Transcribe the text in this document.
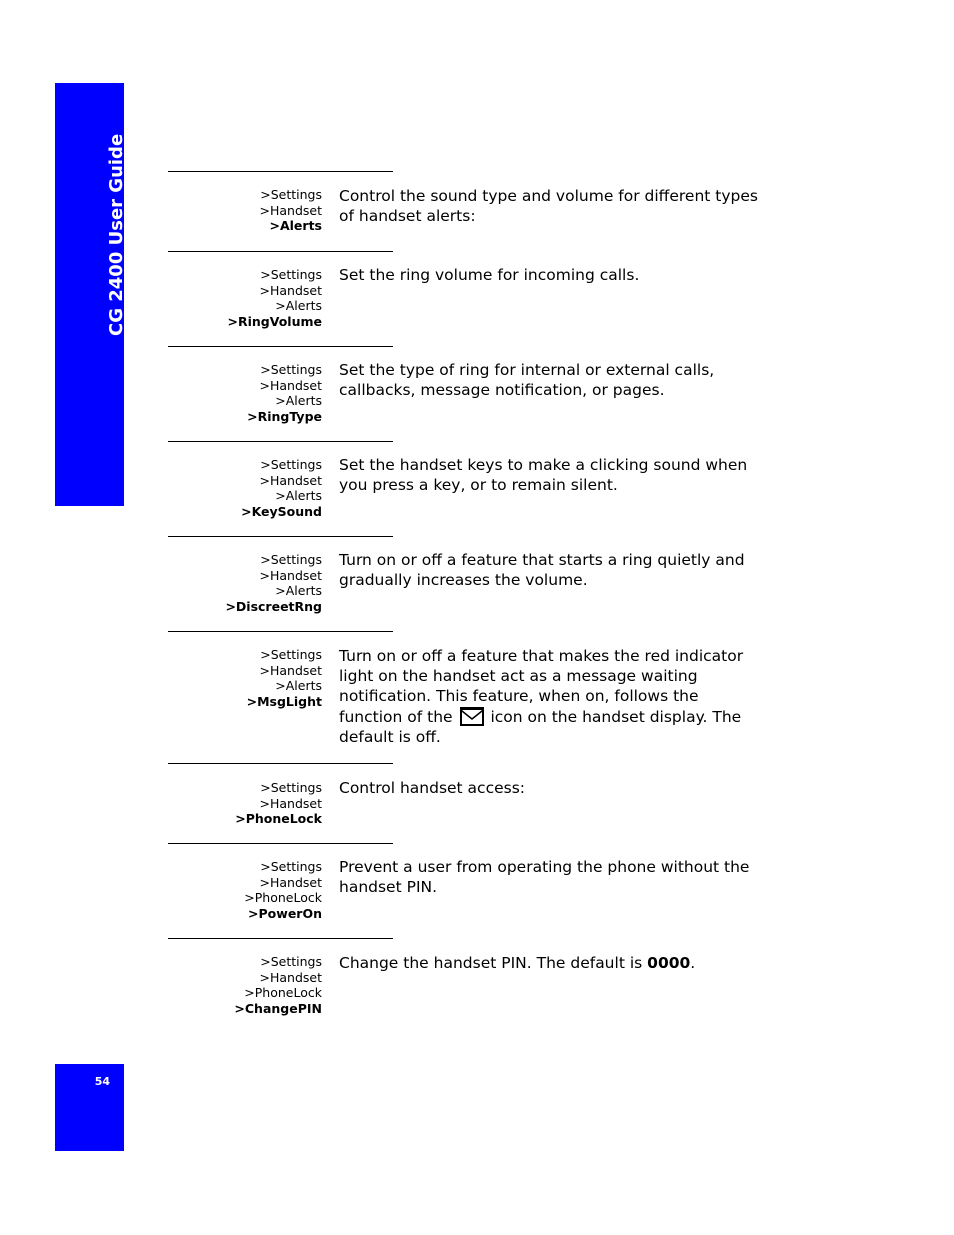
CG 2400 User Guide
54
>Settings
>Handset
>Alerts
Control the sound type and volume for different types of handset alerts:
>Settings
>Handset
>Alerts
>RingVolume
Set the ring volume for incoming calls.
>Settings
>Handset
>Alerts
>RingType
Set the type of ring for internal or external calls, callbacks, message notification, or pages.
>Settings
>Handset
>Alerts
>KeySound
Set the handset keys to make a clicking sound when you press a key, or to remain silent.
>Settings
>Handset
>Alerts
>DiscreetRng
Turn on or off a feature that starts a ring quietly and gradually increases the volume.
>Settings
>Handset
>Alerts
>MsgLight
Turn on or off a feature that makes the red indicator light on the handset act as a message waiting notification. This feature, when on, follows the function of the icon on the handset display. The default is off.
>Settings
>Handset
>PhoneLock
Control handset access:
>Settings
>Handset
>PhoneLock
>PowerOn
Prevent a user from operating the phone without the handset PIN.
>Settings
>Handset
>PhoneLock
>ChangePIN
Change the handset PIN. The default is 0000.
